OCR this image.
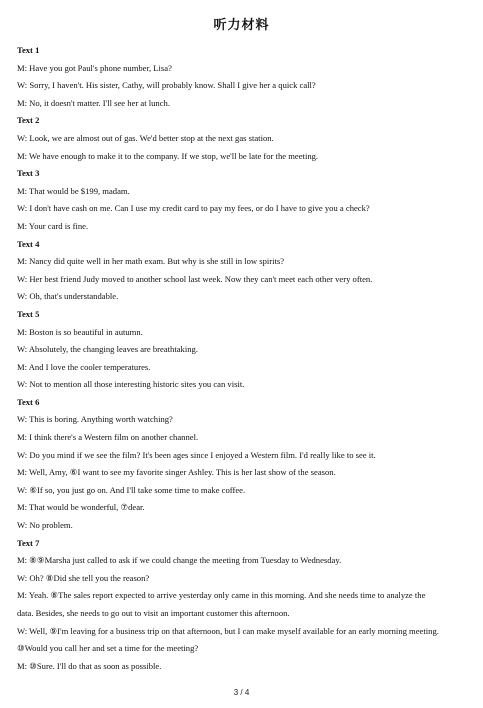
听力材料
Text 1
M: Have you got Paul's phone number, Lisa?
W: Sorry, I haven't. His sister, Cathy, will probably know. Shall I give her a quick call?
M: No, it doesn't matter. I'll see her at lunch.
Text 2
W: Look, we are almost out of gas. We'd better stop at the next gas station.
M: We have enough to make it to the company. If we stop, we'll be late for the meeting.
Text 3
M: That would be $199, madam.
W: I don't have cash on me. Can I use my credit card to pay my fees, or do I have to give you a check?
M: Your card is fine.
Text 4
M: Nancy did quite well in her math exam. But why is she still in low spirits?
W: Her best friend Judy moved to another school last week. Now they can't meet each other very often.
W: Oh, that's understandable.
Text 5
M: Boston is so beautiful in autumn.
W: Absolutely, the changing leaves are breathtaking.
M: And I love the cooler temperatures.
W: Not to mention all those interesting historic sites you can visit.
Text 6
W: This is boring. Anything worth watching?
M: I think there's a Western film on another channel.
W: Do you mind if we see the film? It's been ages since I enjoyed a Western film. I'd really like to see it.
M: Well, Amy, ⑥I want to see my favorite singer Ashley. This is her last show of the season.
W: ⑥If so, you just go on. And I'll take some time to make coffee.
M: That would be wonderful, ⑦dear.
W: No problem.
Text 7
M: ⑧⑨Marsha just called to ask if we could change the meeting from Tuesday to Wednesday.
W: Oh? ⑧Did she tell you the reason?
M: Yeah. ⑧The sales report expected to arrive yesterday only came in this morning. And she needs time to analyze the
data. Besides, she needs to go out to visit an important customer this afternoon.
W: Well, ⑨I'm leaving for a business trip on that afternoon, but I can make myself available for an early morning meeting.
⑩Would you call her and set a time for the meeting?
M: ⑩Sure. I'll do that as soon as possible.
3 / 4
